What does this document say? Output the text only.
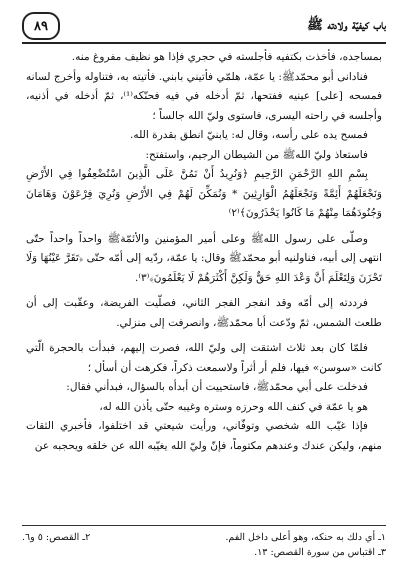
باب كيفيّة ولادته ﷺ
٨٩

بمساجده، فأخذت بكتفيه فأجلسته في حجري فإذا هو نظيف مفروغ منه.

فنادانى أبو محمّدﷺ: يا عمّة، هلمّي فأتيني بابني. فأتيته به، فتناوله وأخرج لسانه فمسحه [على] عينيه ففتحها، ثمّ أدخله في فيه فحنّكه⁽¹⁾، ثمّ أدخله في أذنيه، وأجلسه في راحته اليسرى، فاستوى وليّ الله جالساً ؛

فمسح يده على رأسه، وقال له: يابنيّ انطق بقدرة الله.

فاستعاذ وليّ اللهﷺ من الشيطان الرجيم، واستفتح:

بِسْمِ اللهِ الرَّحْمَنِ الرَّحِيمِ ﴿وَنُرِيدُ أَنْ نَمُنَّ عَلَى الَّذِينَ اسْتُضْعِفُوا فِي الأَرْضِ وَنَجْعَلَهُمْ أَئِمَّةً وَنَجْعَلَهُمُ الْوَارِثِينَ * وَنُمَكِّنَ لَهُمْ فِي الأَرْضِ وَنُرِيَ فِرْعَوْنَ وَهَامَانَ وَجُنُودَهُمَا مِنْهُمْ مَا كَانُوا يَحْذَرُونَ﴾⁽٢⁾

وصلّى على رسول اللهﷺ وعلى أمير المؤمنين والأئمّةﷺ واحداً واحداً حتّى انتهى إلى أبيه، فناولنيه أبو محمّدﷺ وقال: يا عمّة، ردّيه إلى أمّه حتّى ﴿تَقَرَّ عَيْنُهَا وَلَا تَحْزَنَ وَلِتَعْلَمَ أَنَّ وَعْدَ اللهِ حَقٌّ وَلَكِنَّ أَكْثَرَهُمْ لَا يَعْلَمُونَ﴾⁽٣⁾.

فرددته إلى أمّه وقد انفجر الفجر الثاني، فصلّيت الفريضة، وعقّبت إلى أن طلعت الشمس، ثمّ ودّعت أبا محمّدﷺ، وانصرفت إلى منزلي.

فلمّا كان بعد ثلاث اشتقت إلى وليّ الله، فصرت إليهم، فبدأت بالحجرة الّتي كانت «سوسن» فيها، فلم أر أثراً ولاسمعت ذكراً، فكرهت أن أسأل ؛

فدخلت على أبي محمّدﷺ، فاستحييت أن أبدأه بالسؤال، فبدأني فقال:

هو يا عمّة في كنف الله وحرزه وستره وغيبه حتّى يأذن الله له،

فإذا غيّب الله شخصي وتوفّاني، ورأيت شيعتي قد اختلفوا، فأخبري الثقات منهم، وليكن عندك وعندهم مكتوماً، فإنّ وليّ الله يغيّبه الله عن خلقه ويحجبه عن

١ـ أي دلك به حنكه، وهو أعلى داخل الفم.
٢ـ القصص: ٥ و٦.
٣ـ اقتباس من سورة القصص: ١٣.
